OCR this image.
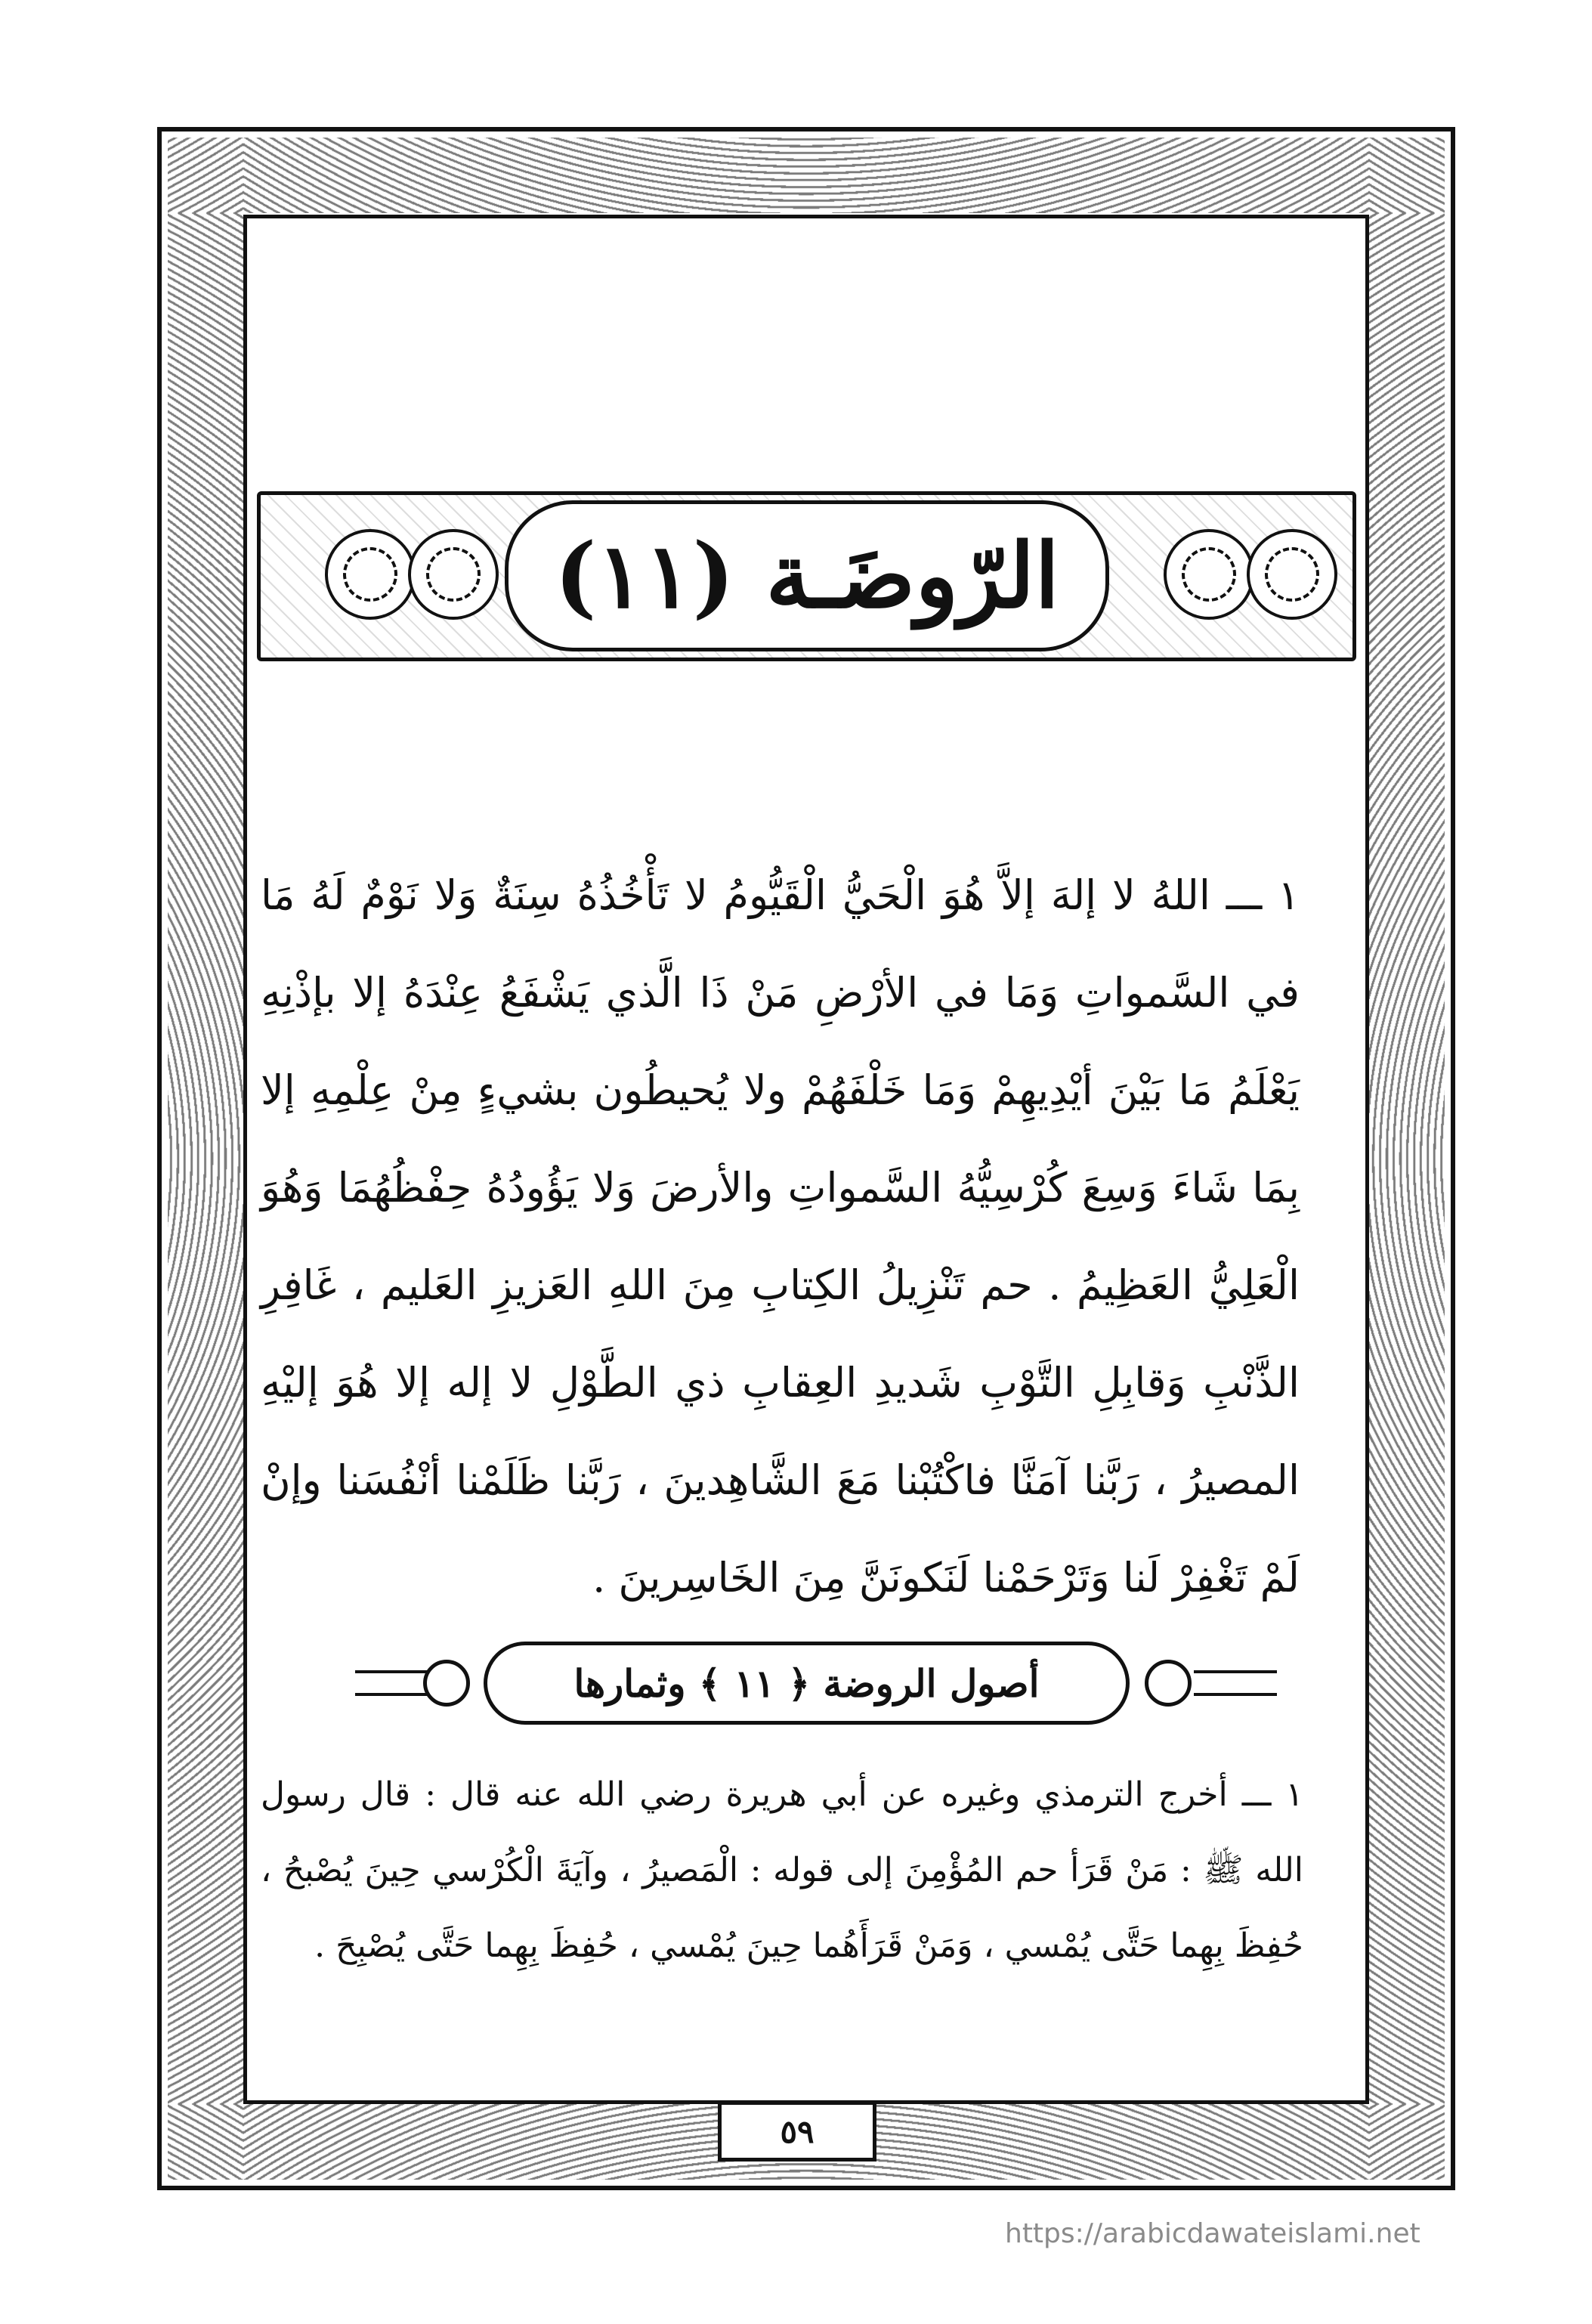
الرّوضَـة (١١)
١ ـــ اللهُ لا إلهَ إلاَّ هُوَ الْحَيُّ الْقَيُّومُ لا تَأْخُذُهُ سِنَةٌ وَلا نَوْمٌ لَهُ مَا في السَّمواتِ وَمَا في الأرْضِ مَنْ ذَا الَّذي يَشْفَعُ عِنْدَهُ إلا بإذْنِهِ يَعْلَمُ مَا بَيْنَ أيْدِيهِمْ وَمَا خَلْفَهُمْ ولا يُحيطُون بشيءٍ مِنْ عِلْمِهِ إلا بِمَا شَاءَ وَسِعَ كُرْسِيُّهُ السَّمواتِ والأرضَ وَلا يَؤُودُهُ حِفْظُهُمَا وَهُوَ الْعَلِيُّ العَظِيمُ . حم تَنْزِيلُ الكِتابِ مِنَ اللهِ العَزيزِ العَليم ، غَافِرِ الذَّنْبِ وَقابِلِ التَّوْبِ شَديدِ العِقابِ ذي الطَّوْلِ لا إله إلا هُوَ إليْهِ المصيرُ ، رَبَّنا آمَنَّا فاكْتُبْنا مَعَ الشَّاهِدينَ ، رَبَّنا ظَلَمْنا أنْفُسَنا وإنْ لَمْ تَغْفِرْ لَنا وَتَرْحَمْنا لَنَكونَنَّ مِنَ الخَاسِرينَ .
أصول الروضة ﴿ ١١ ﴾ وثمارها
١ ـــ أخرج الترمذي وغيره عن أبي هريرة رضي الله عنه قال : قال رسول الله ﷺ : مَنْ قَرَأ حم المُؤْمِنَ إلى قوله : الْمَصيرُ ، وآيَةَ الْكُرْسي حِينَ يُصْبحُ ، حُفِظَ بِهِما حَتَّى يُمْسي ، وَمَنْ قَرَأَهُما حِينَ يُمْسي ، حُفِظَ بِهِما حَتَّى يُصْبِحَ .
٥٩
https://arabicdawateislami.net
